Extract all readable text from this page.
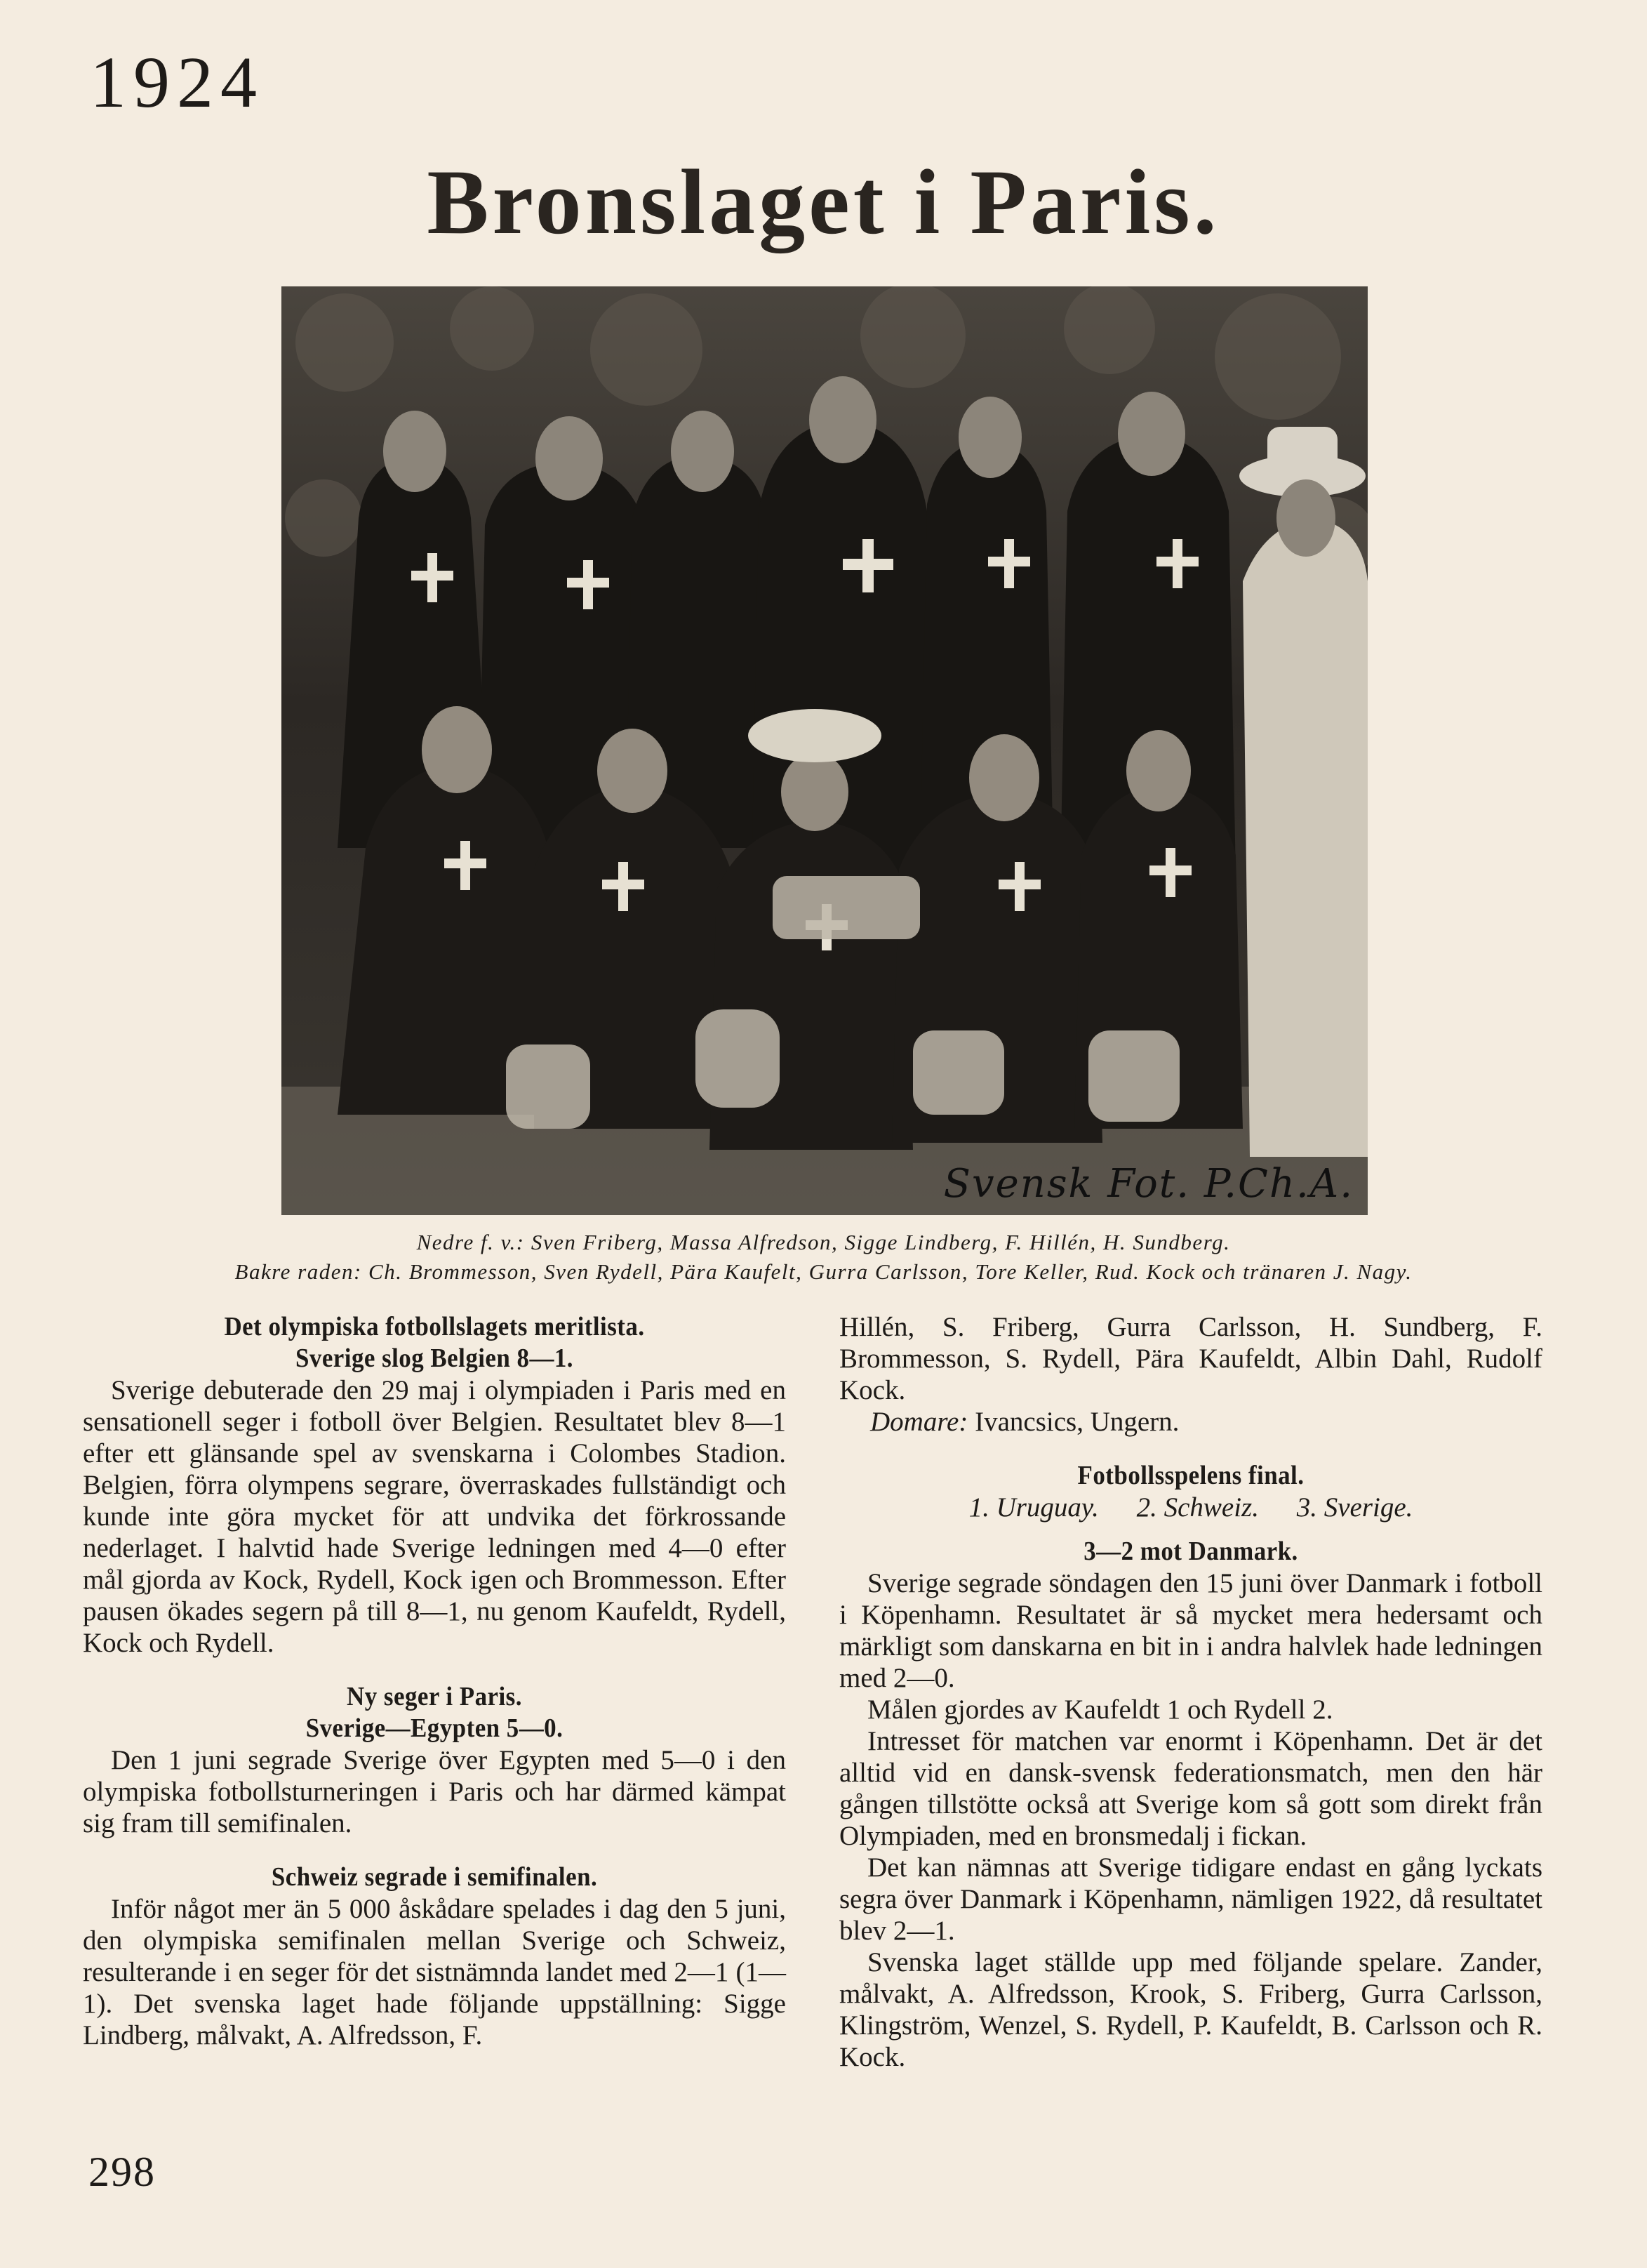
1924
Bronslaget i Paris.
Svensk Fot. P.Ch.A.
Nedre f. v.: Sven Friberg, Massa Alfredson, Sigge Lindberg, F. Hillén, H. Sundberg.
Bakre raden: Ch. Brommesson, Sven Rydell, Pära Kaufelt, Gurra Carlsson, Tore Keller, Rud. Kock och tränaren J. Nagy.
Det olympiska fotbollslagets meritlista.
Sverige slog Belgien 8—1.

Sverige debuterade den 29 maj i olympiaden i Paris med en sensationell seger i fotboll över Belgien. Resultatet blev 8—1 efter ett glänsande spel av svenskarna i Colombes Stadion. Belgien, förra olympens segrare, överraskades fullständigt och kunde inte göra mycket för att undvika det förkrossande nederlaget. I halvtid hade Sverige ledningen med 4—0 efter mål gjorda av Kock, Rydell, Kock igen och Brommesson. Efter pausen ökades segern på till 8—1, nu genom Kaufeldt, Rydell, Kock och Rydell.

Ny seger i Paris.
Sverige—Egypten 5—0.

Den 1 juni segrade Sverige över Egypten med 5—0 i den olympiska fotbollsturneringen i Paris och har därmed kämpat sig fram till semifinalen.

Schweiz segrade i semifinalen.

Inför något mer än 5 000 åskådare spelades i dag den 5 juni, den olympiska semifinalen mellan Sverige och Schweiz, resulterande i en seger för det sistnämnda landet med 2—1 (1—1). Det svenska laget hade följande uppställning: Sigge Lindberg, målvakt, A. Alfredsson, F.

Hillén, S. Friberg, Gurra Carlsson, H. Sundberg, F. Brommesson, S. Rydell, Pära Kaufeldt, Albin Dahl, Rudolf Kock.

Domare: Ivancsics, Ungern.

Fotbollsspelens final.
1. Uruguay. 2. Schweiz. 3. Sverige.
3—2 mot Danmark.

Sverige segrade söndagen den 15 juni över Danmark i fotboll i Köpenhamn. Resultatet är så mycket mera hedersamt och märkligt som danskarna en bit in i andra halvlek hade ledningen med 2—0.

Målen gjordes av Kaufeldt 1 och Rydell 2.

Intresset för matchen var enormt i Köpenhamn. Det är det alltid vid en dansk-svensk federationsmatch, men den här gången tillstötte också att Sverige kom så gott som direkt från Olympiaden, med en bronsmedalj i fickan.

Det kan nämnas att Sverige tidigare endast en gång lyckats segra över Danmark i Köpenhamn, nämligen 1922, då resultatet blev 2—1.

Svenska laget ställde upp med följande spelare. Zander, målvakt, A. Alfredsson, Krook, S. Friberg, Gurra Carlsson, Klingström, Wenzel, S. Rydell, P. Kaufeldt, B. Carlsson och R. Kock.

298
